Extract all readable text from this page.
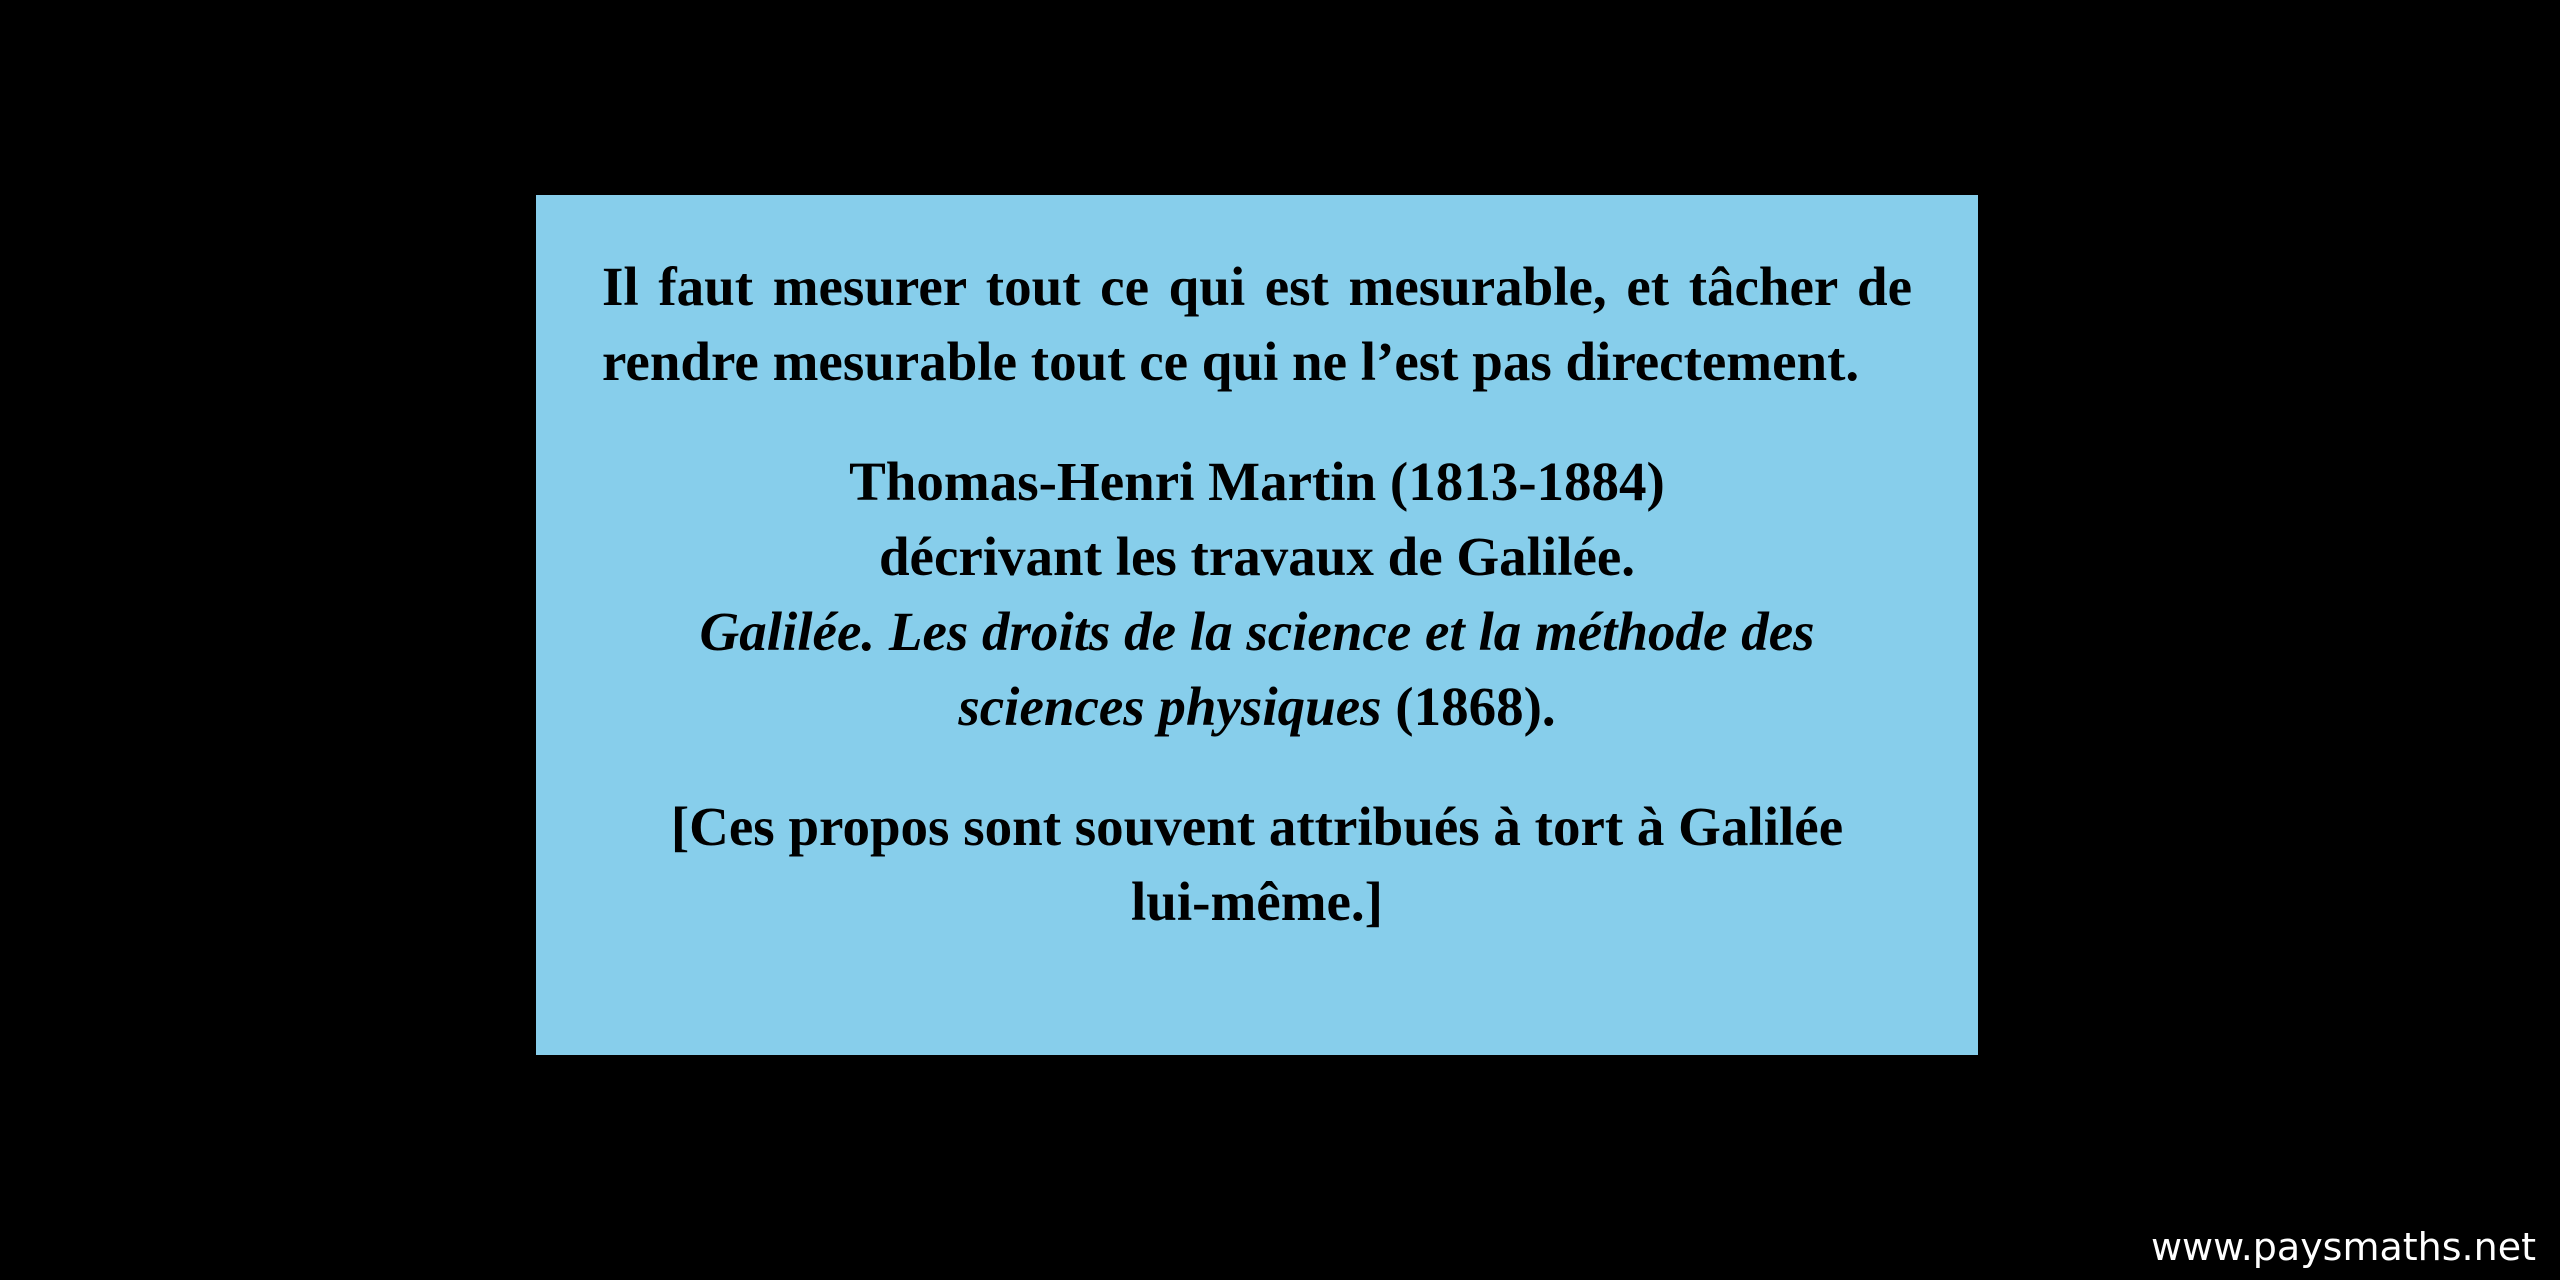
Il faut mesurer tout ce qui est mesurable, et tâcher de rendre mesurable tout ce qui ne l’est pas directement.

Thomas-Henri Martin (1813-1884)
décrivant les travaux de Galilée.
Galilée. Les droits de la science et la méthode des
sciences physiques (1868).
[Ces propos sont souvent attribués à tort à Galilée
lui-même.]
www.paysmaths.net
